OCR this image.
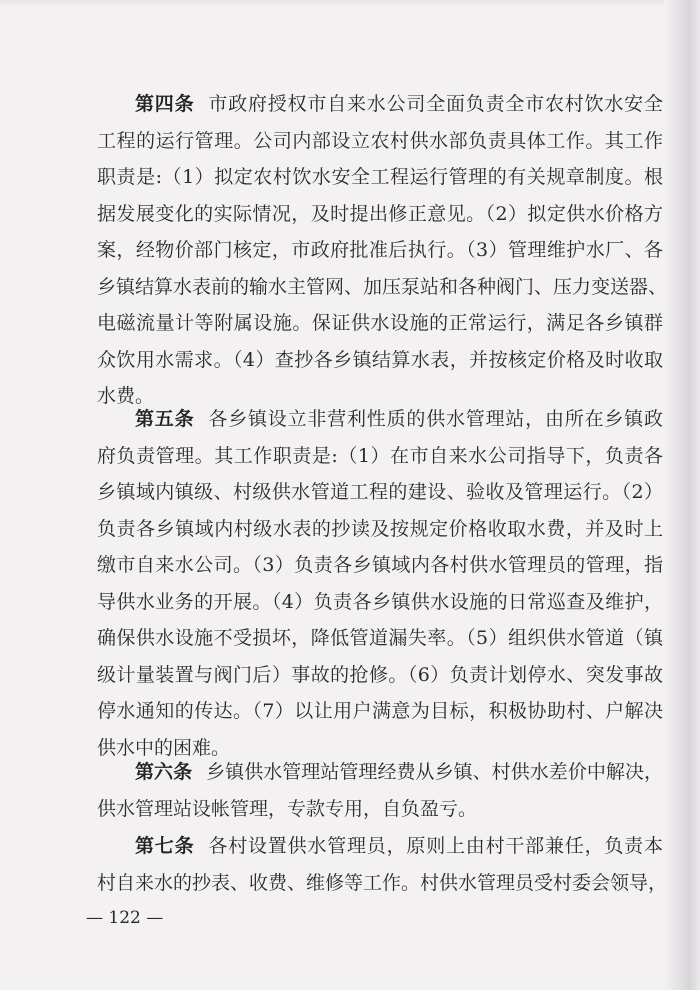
第四条 市政府授权市自来水公司全面负责全市农村饮水安全
工程的运行管理。公司内部设立农村供水部负责具体工作。其工作
职责是:（1）拟定农村饮水安全工程运行管理的有关规章制度。根
据发展变化的实际情况，及时提出修正意见。（2）拟定供水价格方
案，经物价部门核定，市政府批准后执行。（3）管理维护水厂、各
乡镇结算水表前的输水主管网、加压泵站和各种阀门、压力变送器、
电磁流量计等附属设施。保证供水设施的正常运行，满足各乡镇群
众饮用水需求。（4）查抄各乡镇结算水表，并按核定价格及时收取
水费。
第五条 各乡镇设立非营利性质的供水管理站，由所在乡镇政
府负责管理。其工作职责是:（1）在市自来水公司指导下，负责各
乡镇域内镇级、村级供水管道工程的建设、验收及管理运行。（2）
负责各乡镇域内村级水表的抄读及按规定价格收取水费，并及时上
缴市自来水公司。（3）负责各乡镇域内各村供水管理员的管理，指
导供水业务的开展。（4）负责各乡镇供水设施的日常巡查及维护，
确保供水设施不受损坏，降低管道漏失率。（5）组织供水管道（镇
级计量装置与阀门后）事故的抢修。（6）负责计划停水、突发事故
停水通知的传达。（7）以让用户满意为目标，积极协助村、户解决
供水中的困难。
第六条 乡镇供水管理站管理经费从乡镇、村供水差价中解决，
供水管理站设帐管理，专款专用，自负盈亏。
第七条 各村设置供水管理员，原则上由村干部兼任，负责本
村自来水的抄表、收费、维修等工作。村供水管理员受村委会领导，
— 122 —
